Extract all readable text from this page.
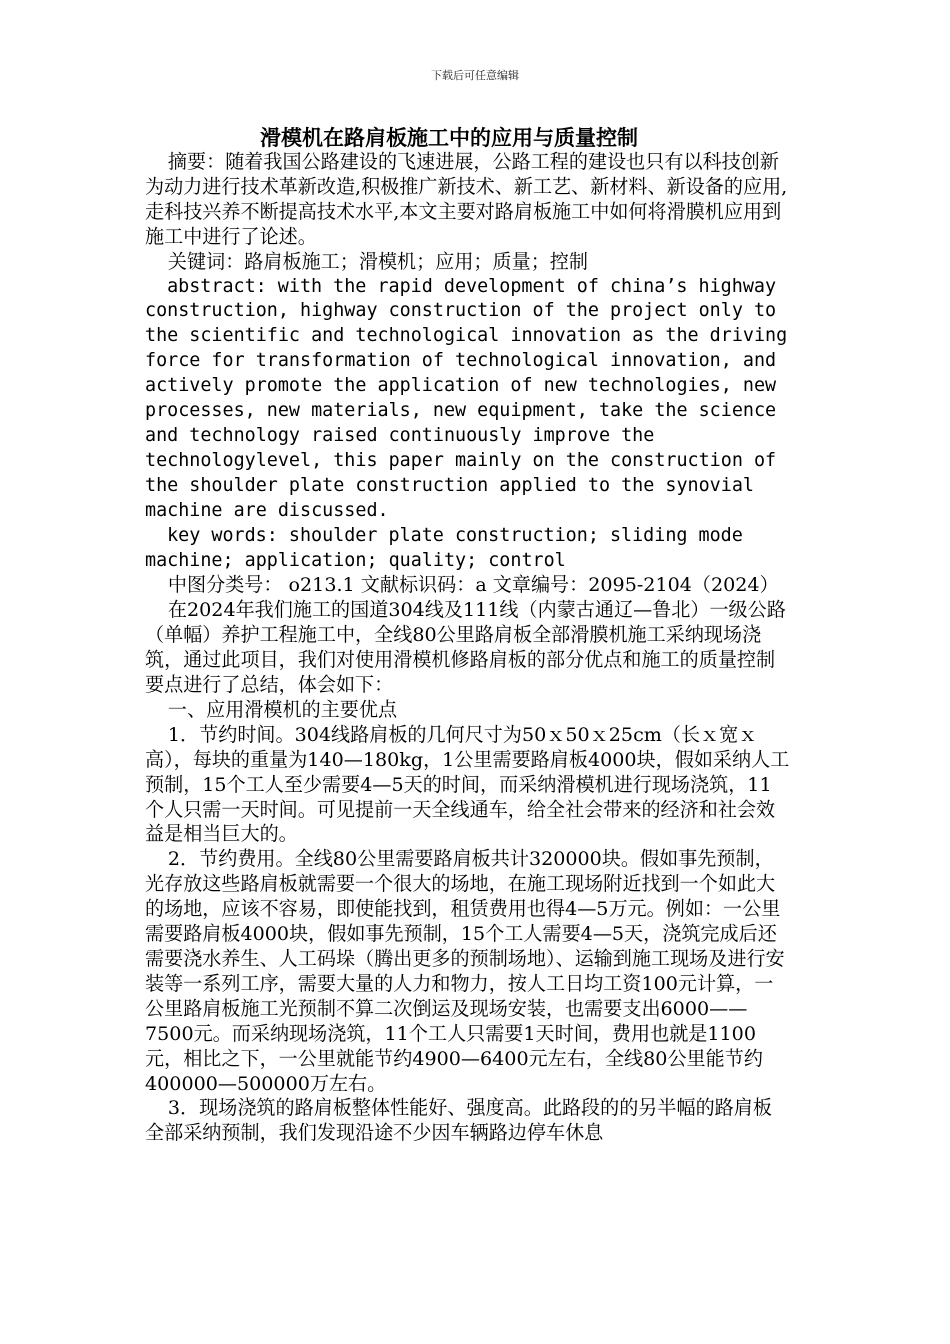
下载后可任意编辑
滑模机在路肩板施工中的应用与质量控制

摘要：随着我国公路建设的飞速进展，公路工程的建设也只有以科技创新为动力进行技术革新改造,积极推广新技术、新工艺、新材料、新设备的应用,走科技兴养不断提高技术水平,本文主要对路肩板施工中如何将滑膜机应用到施工中进行了论述。

关键词：路肩板施工；滑模机；应用；质量；控制

abstract: with the rapid development of china’s highway construction, highway construction of the project only to the scientific and technological innovation as the driving force for transformation of technological innovation, and actively promote the application of new technologies, new processes, new materials, new equipment, take the science and technology raised continuously improve the technologylevel, this paper mainly on the construction of the shoulder plate construction applied to the synovial machine are discussed.

key words: shoulder plate construction; sliding mode machine; application; quality; control

中图分类号： o213.1 文献标识码：a 文章编号：2095-2104（2024）

在2024年我们施工的国道304线及111线（内蒙古通辽—鲁北）一级公路（单幅）养护工程施工中，全线80公里路肩板全部滑膜机施工采纳现场浇筑，通过此项目，我们对使用滑模机修路肩板的部分优点和施工的质量控制要点进行了总结，体会如下：

一、应用滑模机的主要优点

1．节约时间。304线路肩板的几何尺寸为50ｘ50ｘ25cm（长ｘ宽ｘ高），每块的重量为140—180kg，1公里需要路肩板4000块，假如采纳人工预制，15个工人至少需要4—5天的时间，而采纳滑模机进行现场浇筑，11个人只需一天时间。可见提前一天全线通车，给全社会带来的经济和社会效益是相当巨大的。

2．节约费用。全线80公里需要路肩板共计320000块。假如事先预制，光存放这些路肩板就需要一个很大的场地，在施工现场附近找到一个如此大的场地，应该不容易，即使能找到，租赁费用也得4—5万元。例如：一公里需要路肩板4000块，假如事先预制，15个工人需要4—5天，浇筑完成后还需要浇水养生、人工码垛（腾出更多的预制场地）、运输到施工现场及进行安装等一系列工序，需要大量的人力和物力，按人工日均工资100元计算，一公里路肩板施工光预制不算二次倒运及现场安装，也需要支出6000——7500元。而采纳现场浇筑，11个工人只需要1天时间，费用也就是1100元，相比之下，一公里就能节约4900—6400元左右，全线80公里能节约400000—500000万左右。

3．现场浇筑的路肩板整体性能好、强度高。此路段的的另半幅的路肩板全部采纳预制，我们发现沿途不少因车辆路边停车休息
